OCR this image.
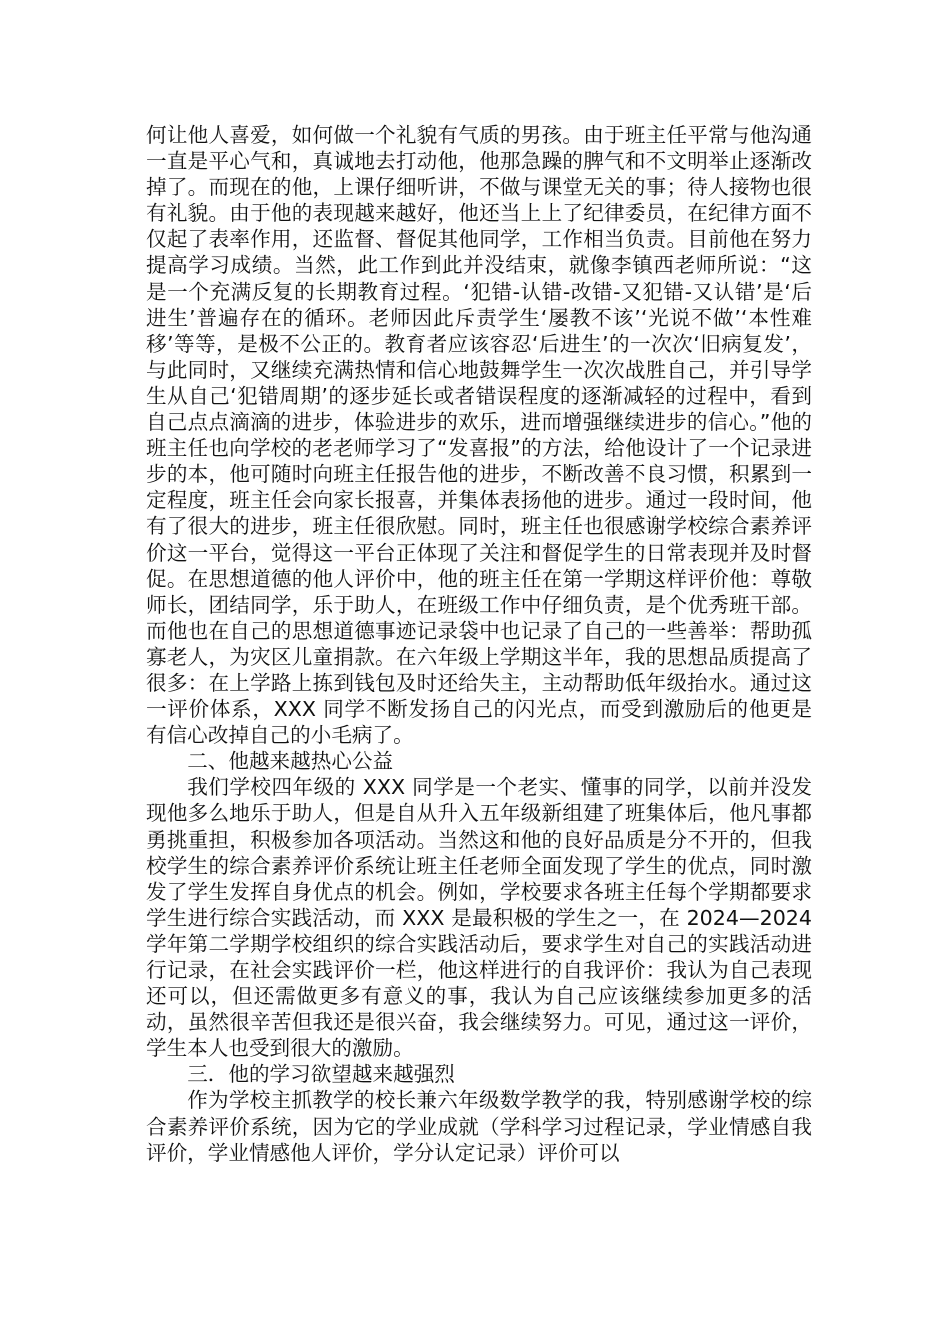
何让他人喜爱，如何做一个礼貌有气质的男孩。由于班主任平常与他沟通一直是平心气和，真诚地去打动他，他那急躁的脾气和不文明举止逐渐改掉了。而现在的他，上课仔细听讲，不做与课堂无关的事；待人接物也很有礼貌。由于他的表现越来越好，他还当上上了纪律委员，在纪律方面不仅起了表率作用，还监督、督促其他同学，工作相当负责。目前他在努力提高学习成绩。当然，此工作到此并没结束，就像李镇西老师所说：“这是一个充满反复的长期教育过程。‘犯错-认错-改错-又犯错-又认错’是‘后进生’普遍存在的循环。老师因此斥责学生‘屡教不该’‘光说不做’‘本性难移’等等，是极不公正的。教育者应该容忍‘后进生’的一次次‘旧病复发’，与此同时，又继续充满热情和信心地鼓舞学生一次次战胜自己，并引导学生从自己‘犯错周期’的逐步延长或者错误程度的逐渐减轻的过程中，看到自己点点滴滴的进步，体验进步的欢乐，进而增强继续进步的信心。”他的班主任也向学校的老老师学习了“发喜报”的方法，给他设计了一个记录进步的本，他可随时向班主任报告他的进步，不断改善不良习惯，积累到一定程度，班主任会向家长报喜，并集体表扬他的进步。通过一段时间，他有了很大的进步，班主任很欣慰。同时，班主任也很感谢学校综合素养评价这一平台，觉得这一平台正体现了关注和督促学生的日常表现并及时督促。在思想道德的他人评价中，他的班主任在第一学期这样评价他：尊敬师长，团结同学，乐于助人，在班级工作中仔细负责，是个优秀班干部。而他也在自己的思想道德事迹记录袋中也记录了自己的一些善举：帮助孤寡老人，为灾区儿童捐款。在六年级上学期这半年，我的思想品质提高了很多：在上学路上拣到钱包及时还给失主，主动帮助低年级抬水。通过这一评价体系，XXX 同学不断发扬自己的闪光点，而受到激励后的他更是有信心改掉自己的小毛病了。

二、他越来越热心公益

我们学校四年级的 XXX 同学是一个老实、懂事的同学，以前并没发现他多么地乐于助人，但是自从升入五年级新组建了班集体后，他凡事都勇挑重担，积极参加各项活动。当然这和他的良好品质是分不开的，但我校学生的综合素养评价系统让班主任老师全面发现了学生的优点，同时激发了学生发挥自身优点的机会。例如，学校要求各班主任每个学期都要求学生进行综合实践活动，而 XXX 是最积极的学生之一，在 2024—2024 学年第二学期学校组织的综合实践活动后，要求学生对自己的实践活动进行记录，在社会实践评价一栏，他这样进行的自我评价：我认为自己表现还可以，但还需做更多有意义的事，我认为自己应该继续参加更多的活动，虽然很辛苦但我还是很兴奋，我会继续努力。可见，通过这一评价，学生本人也受到很大的激励。

三．他的学习欲望越来越强烈

作为学校主抓教学的校长兼六年级数学教学的我，特别感谢学校的综合素养评价系统，因为它的学业成就（学科学习过程记录，学业情感自我评价，学业情感他人评价，学分认定记录）评价可以
